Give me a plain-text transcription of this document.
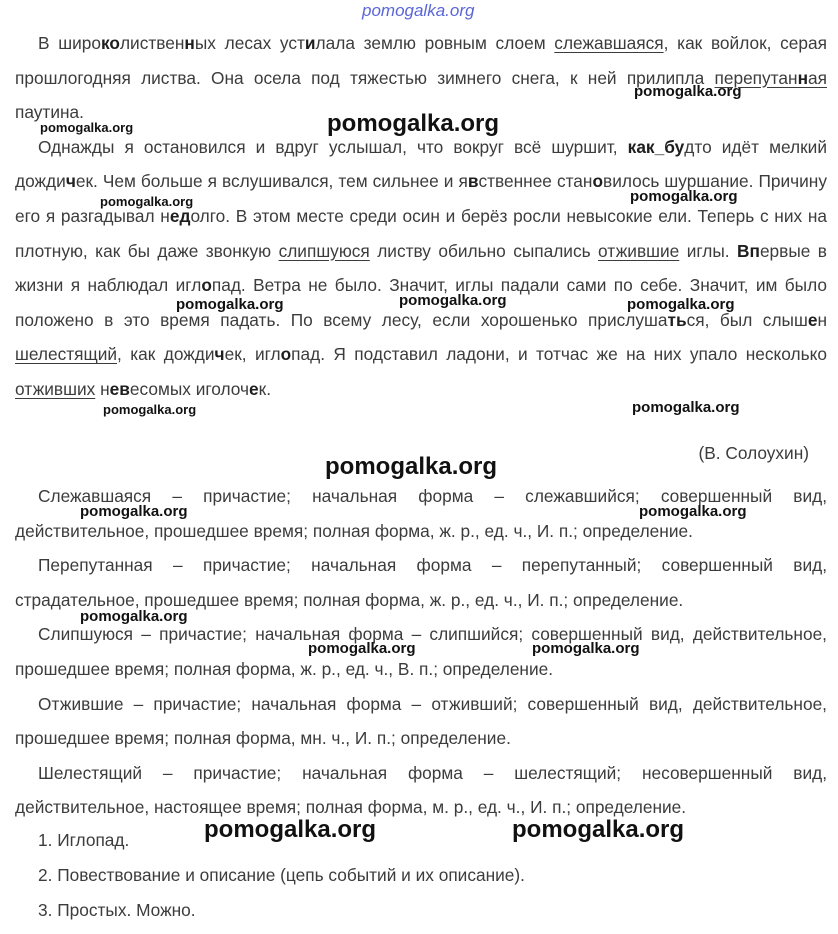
pomogalka.org

В широколиственных лесах устилала землю ровным слоем слежавшаяся, как войлок, серая прошлогодняя листва. Она осела под тяжестью зимнего снега, к ней прилипла перепутанная паутина.

Однажды я остановился и вдруг услышал, что вокруг всё шуршит, как_будто идёт мелкий дождичек. Чем больше я вслушивался, тем сильнее и явственнее становилось шуршание. Причину его я разгадывал недолго. В этом месте среди осин и берёз росли невысокие ели. Теперь с них на плотную, как бы даже звонкую слипшуюся листву обильно сыпались отжившие иглы. Впервые в жизни я наблюдал иглопад. Ветра не было. Значит, иглы падали сами по себе. Значит, им было положено в это время падать. По всему лесу, если хорошенько прислушаться, был слышен шелестящий, как дождичек, иглопад. Я подставил ладони, и тотчас же на них упало несколько отживших невесомых иголочек.

(В. Солоухин)

Слежавшаяся – причастие; начальная форма – слежавшийся; совершенный вид, действительное, прошедшее время; полная форма, ж. р., ед. ч., И. п.; определение.

Перепутанная – причастие; начальная форма – перепутанный; совершенный вид, страдательное, прошедшее время; полная форма, ж. р., ед. ч., И. п.; определение.

Слипшуюся – причастие; начальная форма – слипшийся; совершенный вид, действительное, прошедшее время; полная форма, ж. р., ед. ч., В. п.; определение.

Отжившие – причастие; начальная форма – отживший; совершенный вид, действительное, прошедшее время; полная форма, мн. ч., И. п.; определение.

Шелестящий – причастие; начальная форма – шелестящий; несовершенный вид, действительное, настоящее время; полная форма, м. р., ед. ч., И. п.; определение.

1. Иглопад.
2. Повествование и описание (цепь событий и их описание).
3. Простых. Можно.
pomogalka.org
pomogalka.org	pomogalka.org
pomogalka.org
pomogalka.org
pomogalka.org	pomogalka.org	pomogalka.org
pomogalka.org
pomogalka.org
pomogalka.org
pomogalka.org	pomogalka.org
pomogalka.org
pomogalka.org	pomogalka.org
pomogalka.org	pomogalka.org
